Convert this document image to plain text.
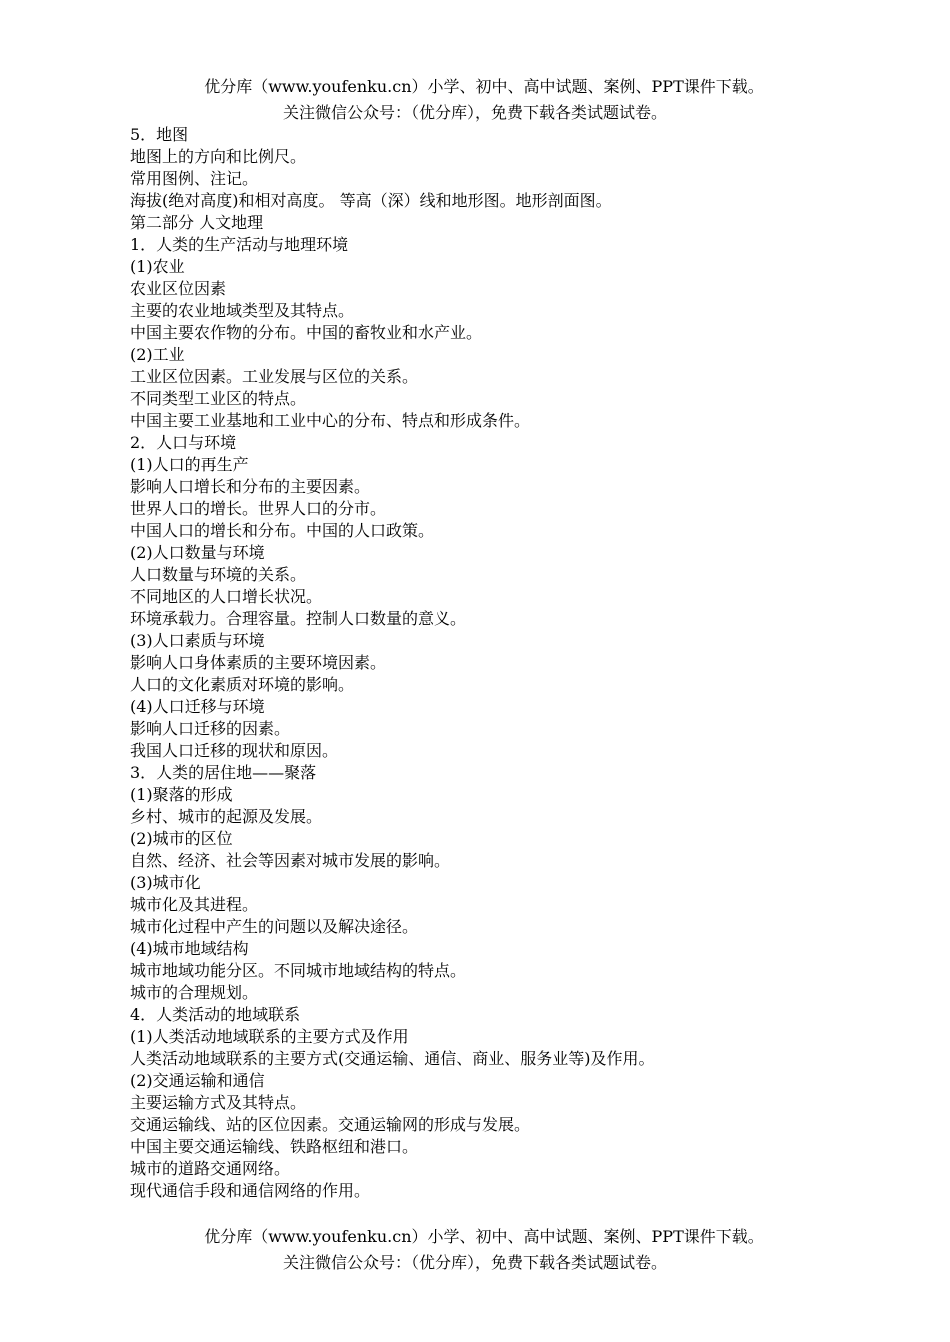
优分库（www.youfenku.cn）小学、初中、高中试题、案例、PPT课件下载。
关注微信公众号：（优分库），免费下载各类试题试卷。
5．地图
地图上的方向和比例尺。
常用图例、注记。
海拔(绝对高度)和相对高度。 等高（深）线和地形图。地形剖面图。
第二部分 人文地理
1．人类的生产活动与地理环境
(1)农业
农业区位因素
主要的农业地域类型及其特点。
中国主要农作物的分布。中国的畜牧业和水产业。
(2)工业
工业区位因素。工业发展与区位的关系。
不同类型工业区的特点。
中国主要工业基地和工业中心的分布、特点和形成条件。
2．人口与环境
(1)人口的再生产
影响人口增长和分布的主要因素。
世界人口的增长。世界人口的分市。
中国人口的增长和分布。中国的人口政策。
(2)人口数量与环境
人口数量与环境的关系。
不同地区的人口增长状况。
环境承载力。合理容量。控制人口数量的意义。
(3)人口素质与环境
影响人口身体素质的主要环境因素。
人口的文化素质对环境的影响。
(4)人口迁移与环境
影响人口迁移的因素。
我国人口迁移的现状和原因。
3．人类的居住地——聚落
(1)聚落的形成
乡村、城市的起源及发展。
(2)城市的区位
自然、经济、社会等因素对城市发展的影响。
(3)城市化
城市化及其进程。
城市化过程中产生的问题以及解决途径。
(4)城市地域结构
城市地域功能分区。不同城市地域结构的特点。
城市的合理规划。
4．人类活动的地域联系
(1)人类活动地域联系的主要方式及作用
人类活动地域联系的主要方式(交通运输、通信、商业、服务业等)及作用。
(2)交通运输和通信
主要运输方式及其特点。
交通运输线、站的区位因素。交通运输网的形成与发展。
中国主要交通运输线、铁路枢纽和港口。
城市的道路交通网络。
现代通信手段和通信网络的作用。
优分库（www.youfenku.cn）小学、初中、高中试题、案例、PPT课件下载。
关注微信公众号：（优分库），免费下载各类试题试卷。
